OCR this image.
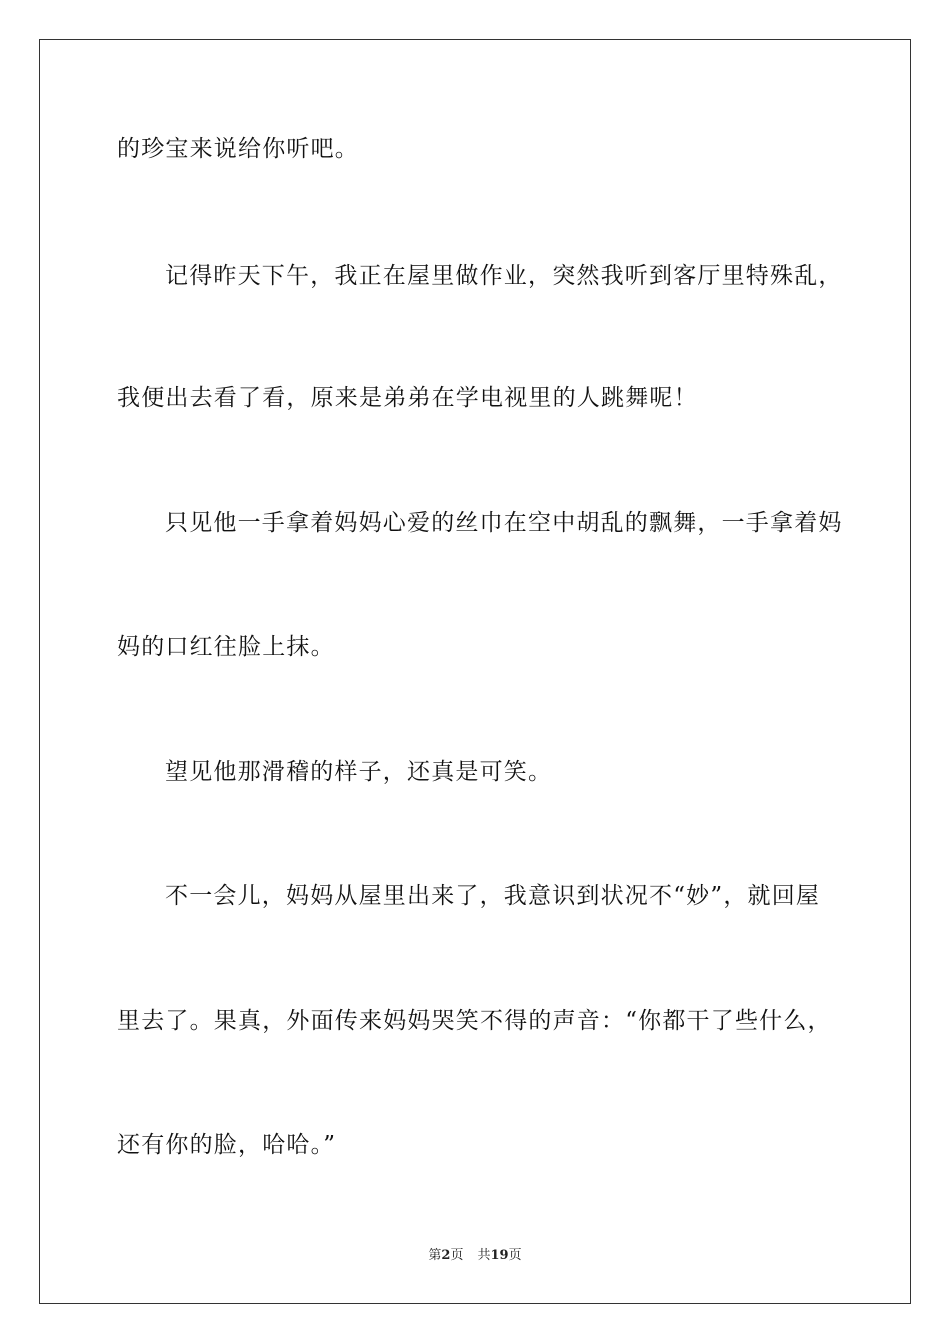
的珍宝来说给你听吧。
记得昨天下午，我正在屋里做作业，突然我听到客厅里特殊乱，
我便出去看了看，原来是弟弟在学电视里的人跳舞呢！
只见他一手拿着妈妈心爱的丝巾在空中胡乱的飘舞，一手拿着妈
妈的口红往脸上抹。
望见他那滑稽的样子，还真是可笑。
不一会儿，妈妈从屋里出来了，我意识到状况不“妙”，就回屋
里去了。果真，外面传来妈妈哭笑不得的声音：“你都干了些什么，
还有你的脸，哈哈。”
第2页 共19页
